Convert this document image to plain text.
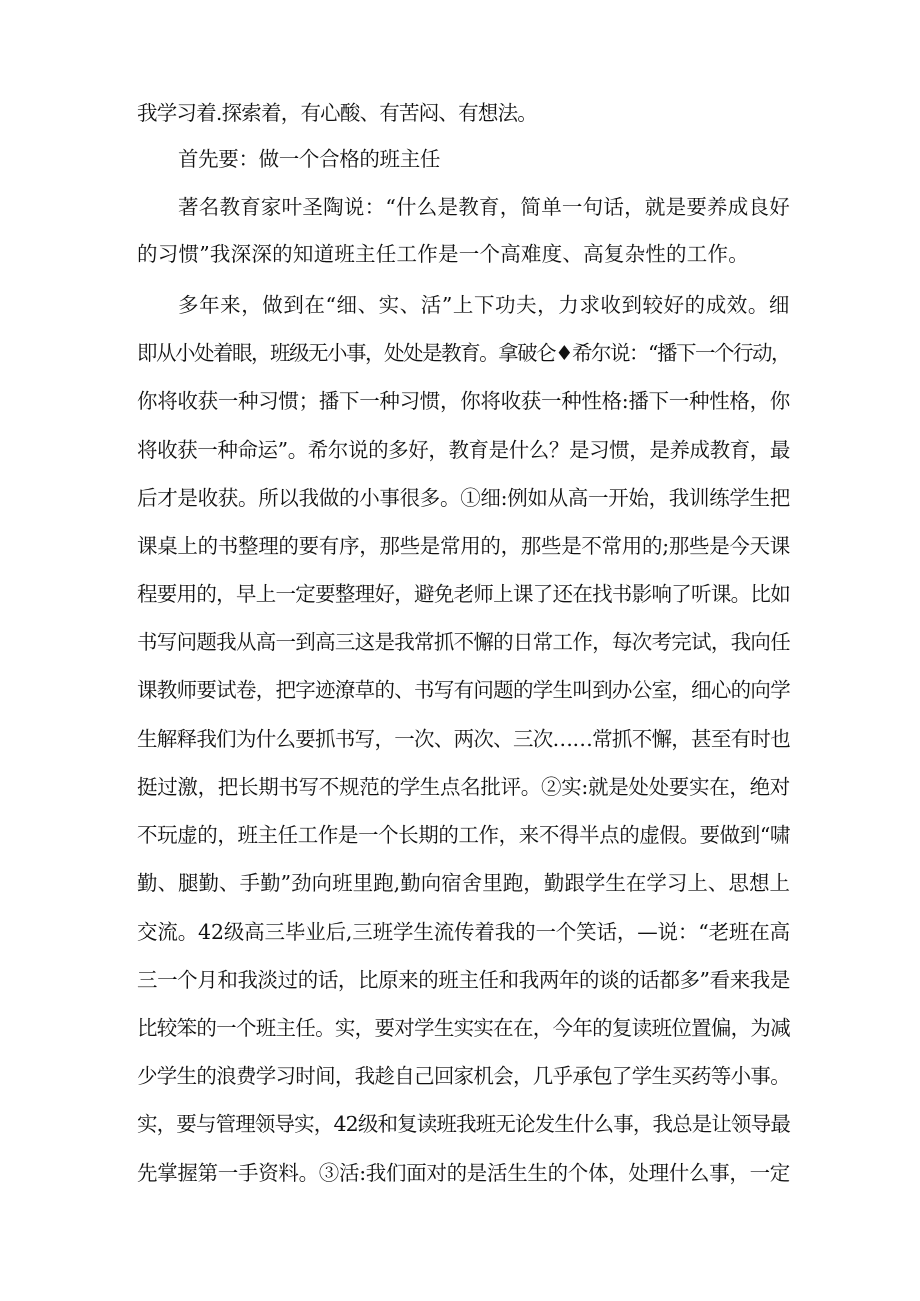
我学习着.探索着，有心酸、有苦闷、有想法。
首先要：做一个合格的班主任
著名教育家叶圣陶说：“什么是教育，简单一句话，就是要养成良好
的习惯”我深深的知道班主任工作是一个高难度、高复杂性的工作。
多年来，做到在“细、实、活”上下功夫，力求收到较好的成效。细
即从小处着眼，班级无小事，处处是教育。拿破仑♦希尔说：“播下一个行动，
你将收获一种习惯；播下一种习惯，你将收获一种性格:播下一种性格，你
将收获一种命运”。希尔说的多好，教育是什么？是习惯，是养成教育，最
后才是收获。所以我做的小事很多。①细:例如从高一开始，我训练学生把
课桌上的书整理的要有序，那些是常用的，那些是不常用的;那些是今天课
程要用的，早上一定要整理好，避免老师上课了还在找书影响了听课。比如
书写问题我从高一到高三这是我常抓不懈的日常工作，每次考完试，我向任
课教师要试卷，把字迹潦草的、书写有问题的学生叫到办公室，细心的向学
生解释我们为什么要抓书写，一次、两次、三次……常抓不懈，甚至有时也
挺过激，把长期书写不规范的学生点名批评。②实:就是处处要实在，绝对
不玩虚的，班主任工作是一个长期的工作，来不得半点的虚假。要做到“啸
勤、腿勤、手勤”劲向班里跑,勤向宿舍里跑，勤跟学生在学习上、思想上
交流。42级高三毕业后,三班学生流传着我的一个笑话，—说：“老班在高
三一个月和我淡过的话，比原来的班主任和我两年的谈的话都多”看来我是
比较笨的一个班主任。实，要对学生实实在在，今年的复读班位置偏，为减
少学生的浪费学习时间，我趁自己回家机会，几乎承包了学生买药等小事。
实，要与管理领导实，42级和复读班我班无论发生什么事，我总是让领导最
先掌握第一手资料。③活:我们面对的是活生生的个体，处理什么事，一定
